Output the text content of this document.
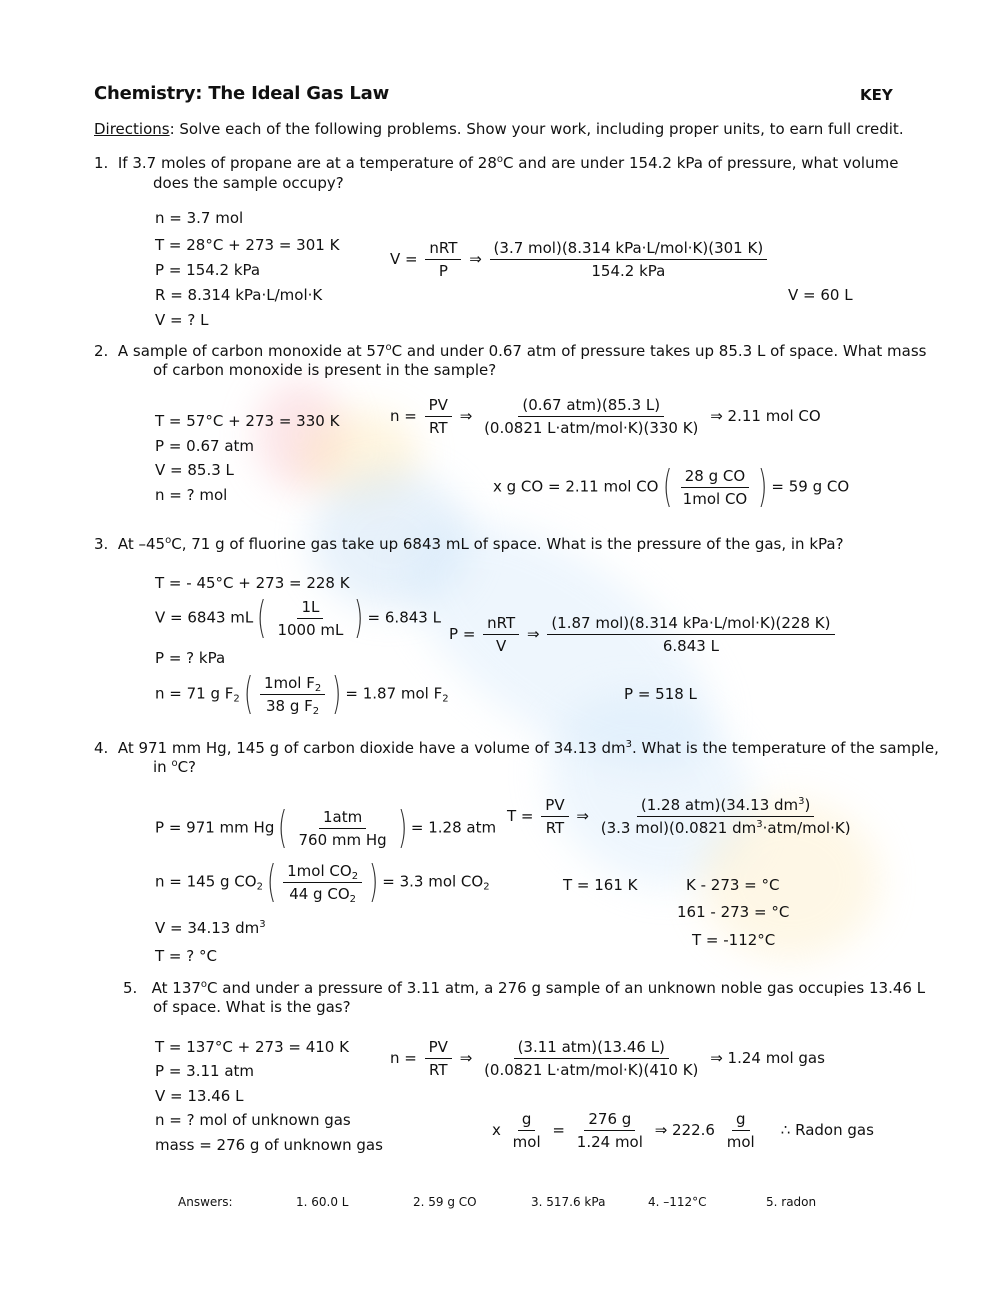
Chemistry: The Ideal Gas Law	KEY
Directions: Solve each of the following problems. Show your work, including proper units, to earn full credit.
1. If 3.7 moles of propane are at a temperature of 28$^o$C and are under 154.2 kPa of pressure, what volume
does the sample occupy?
n = 3.7 mol
T = 28°C + 273 = 301 K
P = 154.2 kPa
R = 8.314 kPa·L/mol·K
V = ? L
$V = \frac{\text{nRT}}{P}$ ⇒ $\frac{\text{(3.7 mol)(8.314 kPa·L/mol·K)(301 K)}}{\text{154.2 kPa}}$
V = 60 L
2. A sample of carbon monoxide at 57$^o$C and under 0.67 atm of pressure takes up 85.3 L of space. What mass
of carbon monoxide is present in the sample?
T = 57°C + 273 = 330 K
P = 0.67 atm
V = 85.3 L
n = ? mol
$n = \frac{PV}{RT}$ ⇒ $\frac{\text{(0.67 atm)(85.3 L)}}{\text{(0.0821 L·atm/mol·K)(330 K)}}$ ⇒ 2.11 mol CO
x g CO = 2.11 mol CO ( $\frac{\text{28 g CO}}{\text{1mol CO}}$
) = 59 g CO
3. At –45$^o$C, 71 g of fluorine gas take up 6843 mL of space. What is the pressure of the gas, in kPa?
T = - 45°C + 273 = 228 K
V = 6843 mL ( $\frac{1L}{1000 mL}$
) = 6.843 L
P = ? kPa
n = 71 g $F_2$ ( $\frac{1mol F_2}{38 g F_2}$
) = 1.87 mol $F_2$
$P = \frac{\text{nRT}}{V}$ ⇒ $\frac{\text{(1.87 mol)(8.314 kPa·L/mol·K)(228 K)}}{6.843 L}$
P = 518 L
4. At 971 mm Hg, 145 g of carbon dioxide have a volume of 34.13 $dm^3$. What is the temperature of the sample,
in $^o$C?
P = 971 mm Hg ( $\frac{\text{1atm}}{\text{760 mm Hg}}$
) = 1.28 atm
n = 145 g $CO_2$ ( $\frac{1mol CO_2}{44 g CO_2}$
) = 3.3 mol $CO_2$
V = 34.13 $dm^3$
T = ? °C
$T = \frac{PV}{RT}$ ⇒ $\frac{(1.28 atm)(34.13 dm^3)}{(3.3 mol)(0.0821 dm^3\cdot atm/mol\cdot K)}$
T = 161 K	K - 273 = °C
161 - 273 = °C
T = -112°C
5. At 137$^o$C and under a pressure of 3.11 atm, a 276 g sample of an unknown noble gas occupies 13.46 L
of space. What is the gas?
T = 137°C + 273 = 410 K
P = 3.11 atm
V = 13.46 L
n = ? mol of unknown gas
mass = 276 g of unknown gas
$n = \frac{PV}{RT}$ ⇒ $\frac{\text{(3.11 atm)(13.46 L)}}{\text{(0.0821 L·atm/mol·K)(410 K)}}$ ⇒ 1.24 mol gas
x $\frac{g}{\text{mol}} = \frac{276 g}{\text{1.24 mol}}$ ⇒ $222.6 \frac{g}{\text{mol}}$ ∴ Radon gas
Answers:	1. 60.0 L	2. 59 g CO	3. 517.6 kPa	4. –112°C	5. radon
